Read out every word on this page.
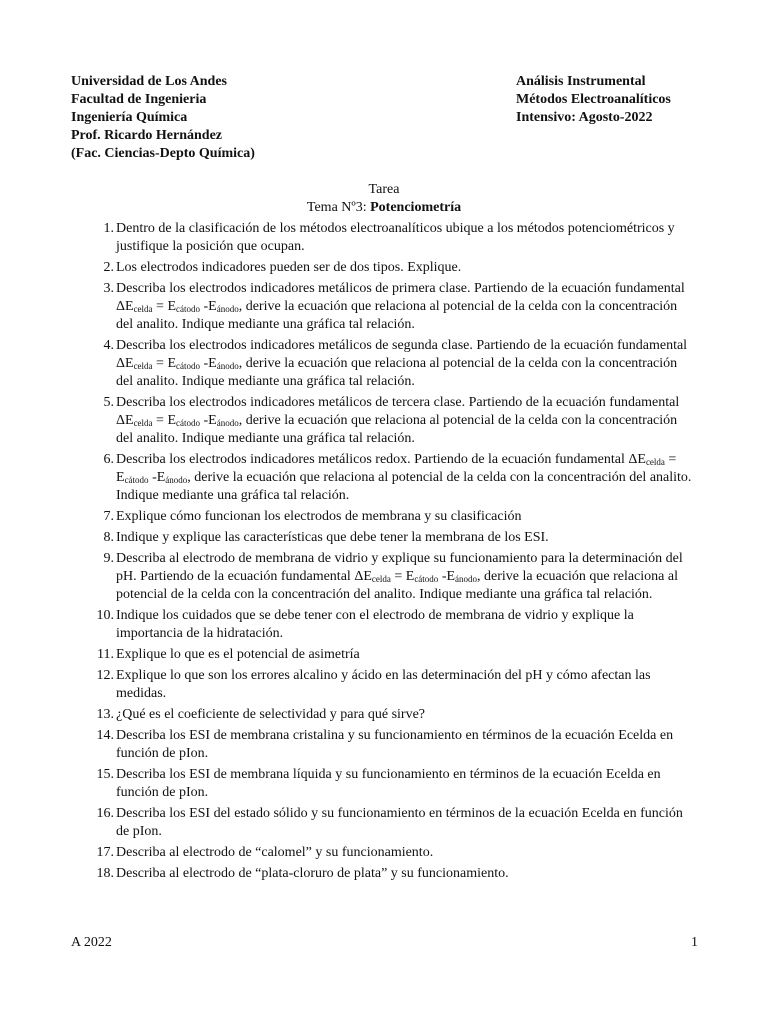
Universidad de Los Andes
Facultad de Ingenieria
Ingeniería Química
Prof. Ricardo Hernández
(Fac. Ciencias-Depto Química)
Análisis Instrumental
Métodos Electroanalíticos
Intensivo: Agosto-2022
Tarea
Tema Nº3: Potenciometría
1. Dentro de la clasificación de los métodos electroanalíticos ubique a los métodos potenciométricos y justifique la posición que ocupan.
2. Los electrodos indicadores pueden ser de dos tipos. Explique.
3. Describa los electrodos indicadores metálicos de primera clase. Partiendo de la ecuación fundamental $\Delta E_{celda} = E_{cátodo}$ $-E_{ánodo}$, derive la ecuación que relaciona al potencial de la celda con la concentración del analito. Indique mediante una gráfica tal relación.
4. Describa los electrodos indicadores metálicos de segunda clase. Partiendo de la ecuación fundamental $\Delta E_{celda} = E_{cátodo}$ $-E_{ánodo}$, derive la ecuación que relaciona al potencial de la celda con la concentración del analito. Indique mediante una gráfica tal relación.
5. Describa los electrodos indicadores metálicos de tercera clase. Partiendo de la ecuación fundamental $\Delta E_{celda} = E_{cátodo}$ $-E_{ánodo}$, derive la ecuación que relaciona al potencial de la celda con la concentración del analito. Indique mediante una gráfica tal relación.
6. Describa los electrodos indicadores metálicos redox. Partiendo de la ecuación fundamental $\Delta E_{celda} = E_{cátodo}$ $-E_{ánodo}$, derive la ecuación que relaciona al potencial de la celda con la concentración del analito. Indique mediante una gráfica tal relación.
7. Explique cómo funcionan los electrodos de membrana y su clasificación
8. Indique y explique las características que debe tener la membrana de los ESI.
9. Describa al electrodo de membrana de vidrio y explique su funcionamiento para la determinación del pH. Partiendo de la ecuación fundamental $\Delta E_{celda} = E_{cátodo}$ $-E_{ánodo}$, derive la ecuación que relaciona al potencial de la celda con la concentración del analito. Indique mediante una gráfica tal relación.
10. Indique los cuidados que se debe tener con el electrodo de membrana de vidrio y explique la importancia de la hidratación.
11. Explique lo que es el potencial de asimetría
12. Explique lo que son los errores alcalino y ácido en las determinación del pH y cómo afectan las medidas.
13. ¿Qué es el coeficiente de selectividad y para qué sirve?
14. Describa los ESI de membrana cristalina y su funcionamiento en términos de la ecuación Ecelda en función de pIon.
15. Describa los ESI de membrana líquida y su funcionamiento en términos de la ecuación Ecelda en función de pIon.
16. Describa los ESI del estado sólido y su funcionamiento en términos de la ecuación Ecelda en función de pIon.
17. Describa al electrodo de “calomel” y su funcionamiento.
18. Describa al electrodo de “plata-cloruro de plata” y su funcionamiento.
A 2022	1
